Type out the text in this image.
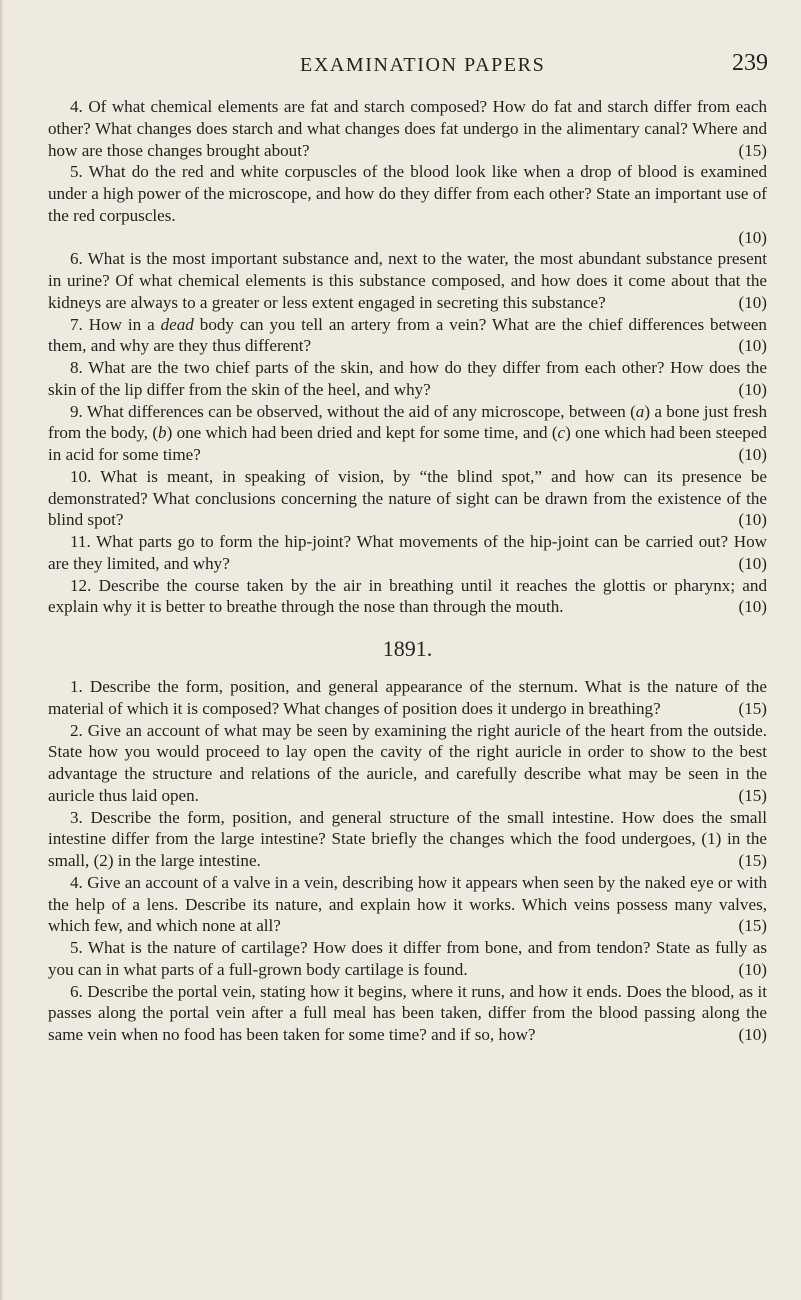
EXAMINATION PAPERS	239

4. Of what chemical elements are fat and starch composed? How do fat and starch differ from each other? What changes does starch and what changes does fat undergo in the alimentary canal? Where and how are those changes brought about?	(15)

5. What do the red and white corpuscles of the blood look like when a drop of blood is examined under a high power of the microscope, and how do they differ from each other? State an important use of the red corpuscles.

(10)

6. What is the most important substance and, next to the water, the most abundant substance present in urine? Of what chemical elements is this substance composed, and how does it come about that the kidneys are always to a greater or less extent engaged in secreting this substance?	(10)

7. How in a dead body can you tell an artery from a vein? What are the chief differences between them, and why are they thus different?	(10)

8. What are the two chief parts of the skin, and how do they differ from each other? How does the skin of the lip differ from the skin of the heel, and why?	(10)

9. What differences can be observed, without the aid of any microscope, between (a) a bone just fresh from the body, (b) one which had been dried and kept for some time, and (c) one which had been steeped in acid for some time?	(10)

10. What is meant, in speaking of vision, by “the blind spot,” and how can its presence be demonstrated? What conclusions concerning the nature of sight can be drawn from the existence of the blind spot?	(10)

11. What parts go to form the hip-joint? What movements of the hip-joint can be carried out? How are they limited, and why?	(10)

12. Describe the course taken by the air in breathing until it reaches the glottis or pharynx; and explain why it is better to breathe through the nose than through the mouth.	(10)

1891.

1. Describe the form, position, and general appearance of the sternum. What is the nature of the material of which it is composed? What changes of position does it undergo in breathing?	(15)

2. Give an account of what may be seen by examining the right auricle of the heart from the outside. State how you would proceed to lay open the cavity of the right auricle in order to show to the best advantage the structure and relations of the auricle, and carefully describe what may be seen in the auricle thus laid open.	(15)

3. Describe the form, position, and general structure of the small intestine. How does the small intestine differ from the large intestine? State briefly the changes which the food undergoes, (1) in the small, (2) in the large intestine.	(15)

4. Give an account of a valve in a vein, describing how it appears when seen by the naked eye or with the help of a lens. Describe its nature, and explain how it works. Which veins possess many valves, which few, and which none at all?	(15)

5. What is the nature of cartilage? How does it differ from bone, and from tendon? State as fully as you can in what parts of a full-grown body cartilage is found.	(10)

6. Describe the portal vein, stating how it begins, where it runs, and how it ends. Does the blood, as it passes along the portal vein after a full meal has been taken, differ from the blood passing along the same vein when no food has been taken for some time? and if so, how?	(10)
